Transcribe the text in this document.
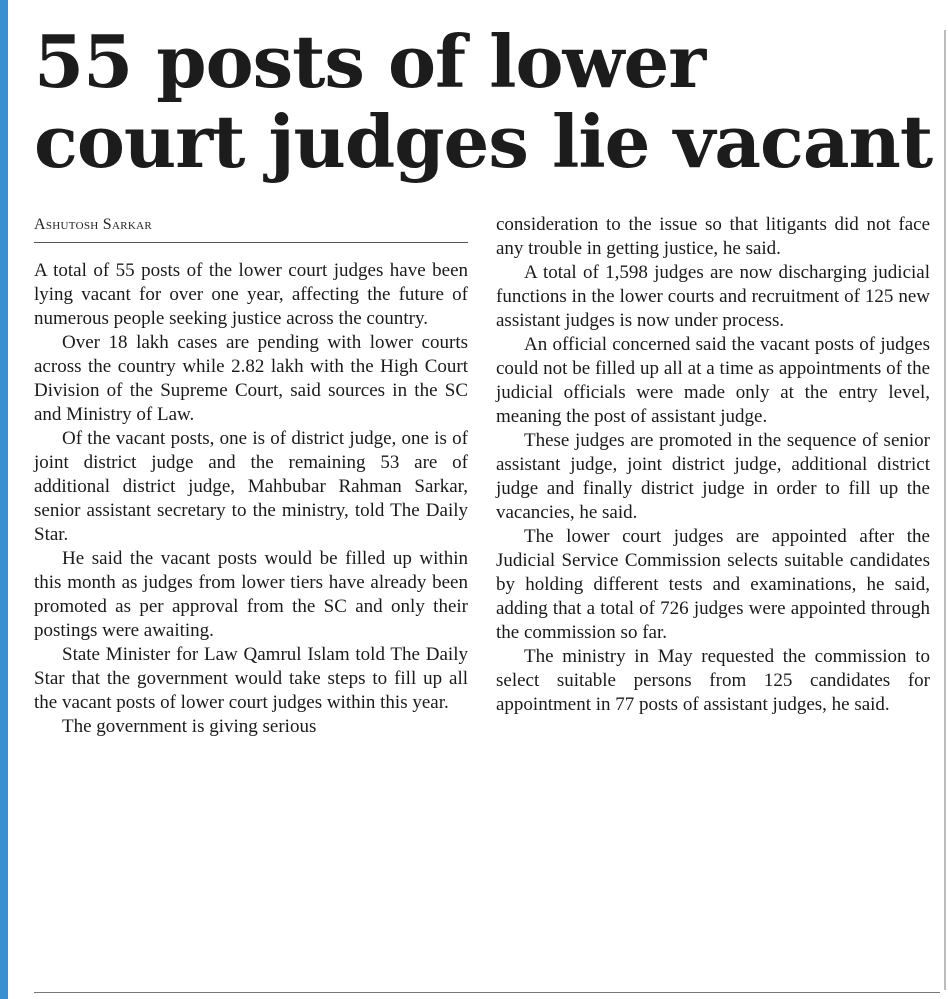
55 posts of lower court judges lie vacant
Ashutosh Sarkar

A total of 55 posts of the lower court judges have been lying vacant for over one year, affecting the future of numerous people seeking justice across the country.

Over 18 lakh cases are pending with lower courts across the country while 2.82 lakh with the High Court Division of the Supreme Court, said sources in the SC and Ministry of Law.

Of the vacant posts, one is of district judge, one is of joint district judge and the remaining 53 are of additional district judge, Mahbubar Rahman Sarkar, senior assistant secretary to the ministry, told The Daily Star.

He said the vacant posts would be filled up within this month as judges from lower tiers have already been promoted as per approval from the SC and only their postings were awaiting.

State Minister for Law Qamrul Islam told The Daily Star that the government would take steps to fill up all the vacant posts of lower court judges within this year.

The government is giving serious

consideration to the issue so that litigants did not face any trouble in getting justice, he said.

A total of 1,598 judges are now discharging judicial functions in the lower courts and recruitment of 125 new assistant judges is now under process.

An official concerned said the vacant posts of judges could not be filled up all at a time as appointments of the judicial officials were made only at the entry level, meaning the post of assistant judge.

These judges are promoted in the sequence of senior assistant judge, joint district judge, additional district judge and finally district judge in order to fill up the vacancies, he said.

The lower court judges are appointed after the Judicial Service Commission selects suitable candidates by holding different tests and examinations, he said, adding that a total of 726 judges were appointed through the commission so far.

The ministry in May requested the commission to select suitable persons from 125 candidates for appointment in 77 posts of assistant judges, he said.
